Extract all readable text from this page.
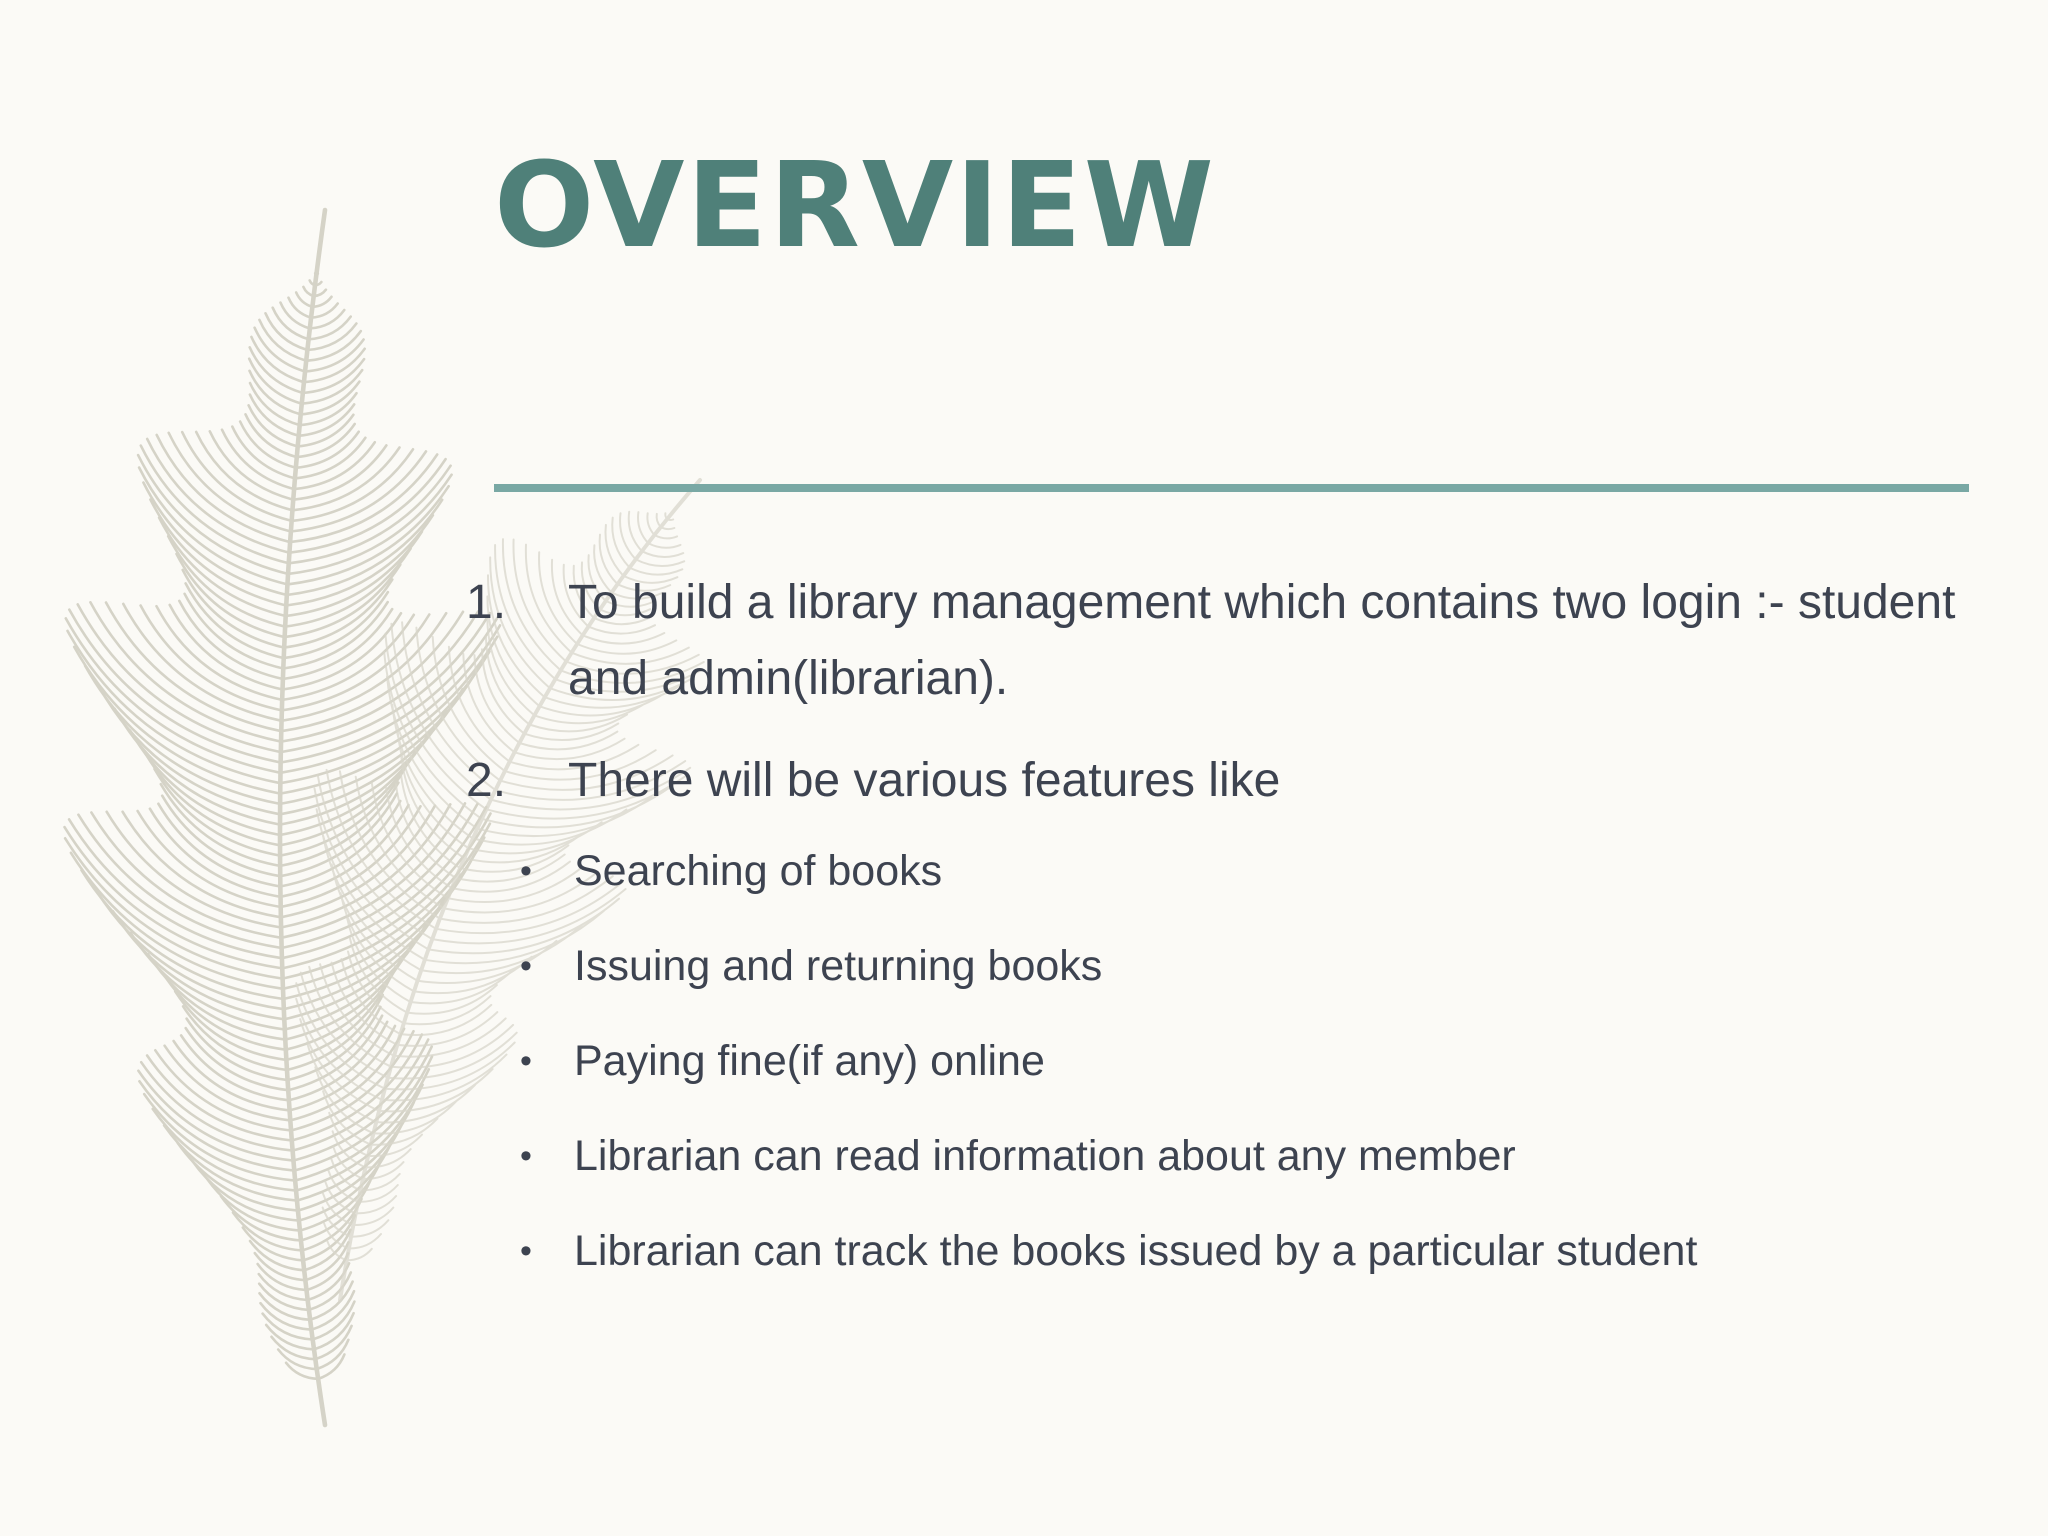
OVERVIEW
1. To build a library management which contains two login :- student and admin(librarian).
2. There will be various features like
• Searching of books
• Issuing and returning books
• Paying fine(if any) online
• Librarian can read information about any member
• Librarian can track the books issued by a particular student
